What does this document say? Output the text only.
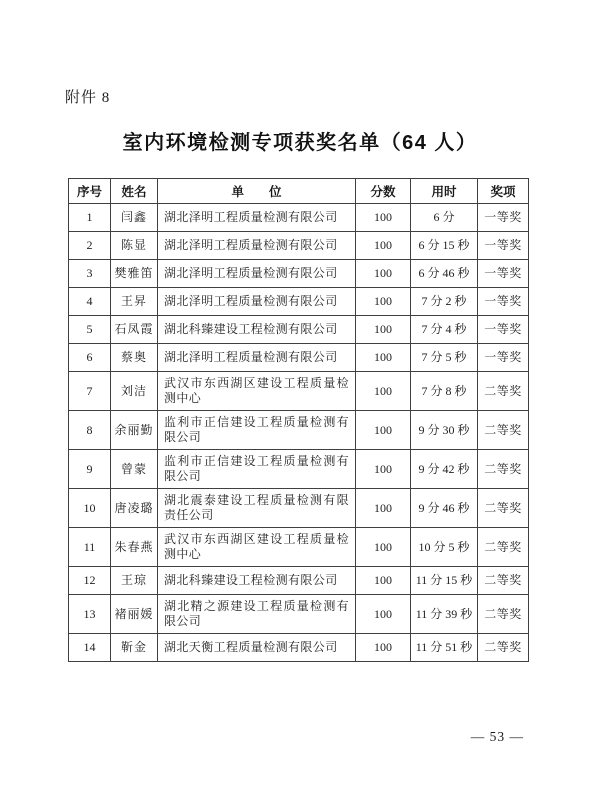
附件 8
室内环境检测专项获奖名单（64 人）
序号	姓名	单　　位	分数	用时	奖项
1	闫鑫	湖北泽明工程质量检测有限公司	100	6 分	一等奖
2	陈显	湖北泽明工程质量检测有限公司	100	6 分 15 秒	一等奖
3	樊雅笛	湖北泽明工程质量检测有限公司	100	6 分 46 秒	一等奖
4	王昇	湖北泽明工程质量检测有限公司	100	7 分 2 秒	一等奖
5	石凤霞	湖北科臻建设工程检测有限公司	100	7 分 4 秒	一等奖
6	蔡奥	湖北泽明工程质量检测有限公司	100	7 分 5 秒	一等奖
7	刘洁	武汉市东西湖区建设工程质量检测中心	100	7 分 8 秒	二等奖
8	余丽勤	监利市正信建设工程质量检测有限公司	100	9 分 30 秒	二等奖
9	曾蒙	监利市正信建设工程质量检测有限公司	100	9 分 42 秒	二等奖
10	唐凌璐	湖北震泰建设工程质量检测有限责任公司	100	9 分 46 秒	二等奖
11	朱春燕	武汉市东西湖区建设工程质量检测中心	100	10 分 5 秒	二等奖
12	王琼	湖北科臻建设工程检测有限公司	100	11 分 15 秒	二等奖
13	褚丽媛	湖北精之源建设工程质量检测有限公司	100	11 分 39 秒	二等奖
14	靳金	湖北天衡工程质量检测有限公司	100	11 分 51 秒	二等奖
— 53 —
